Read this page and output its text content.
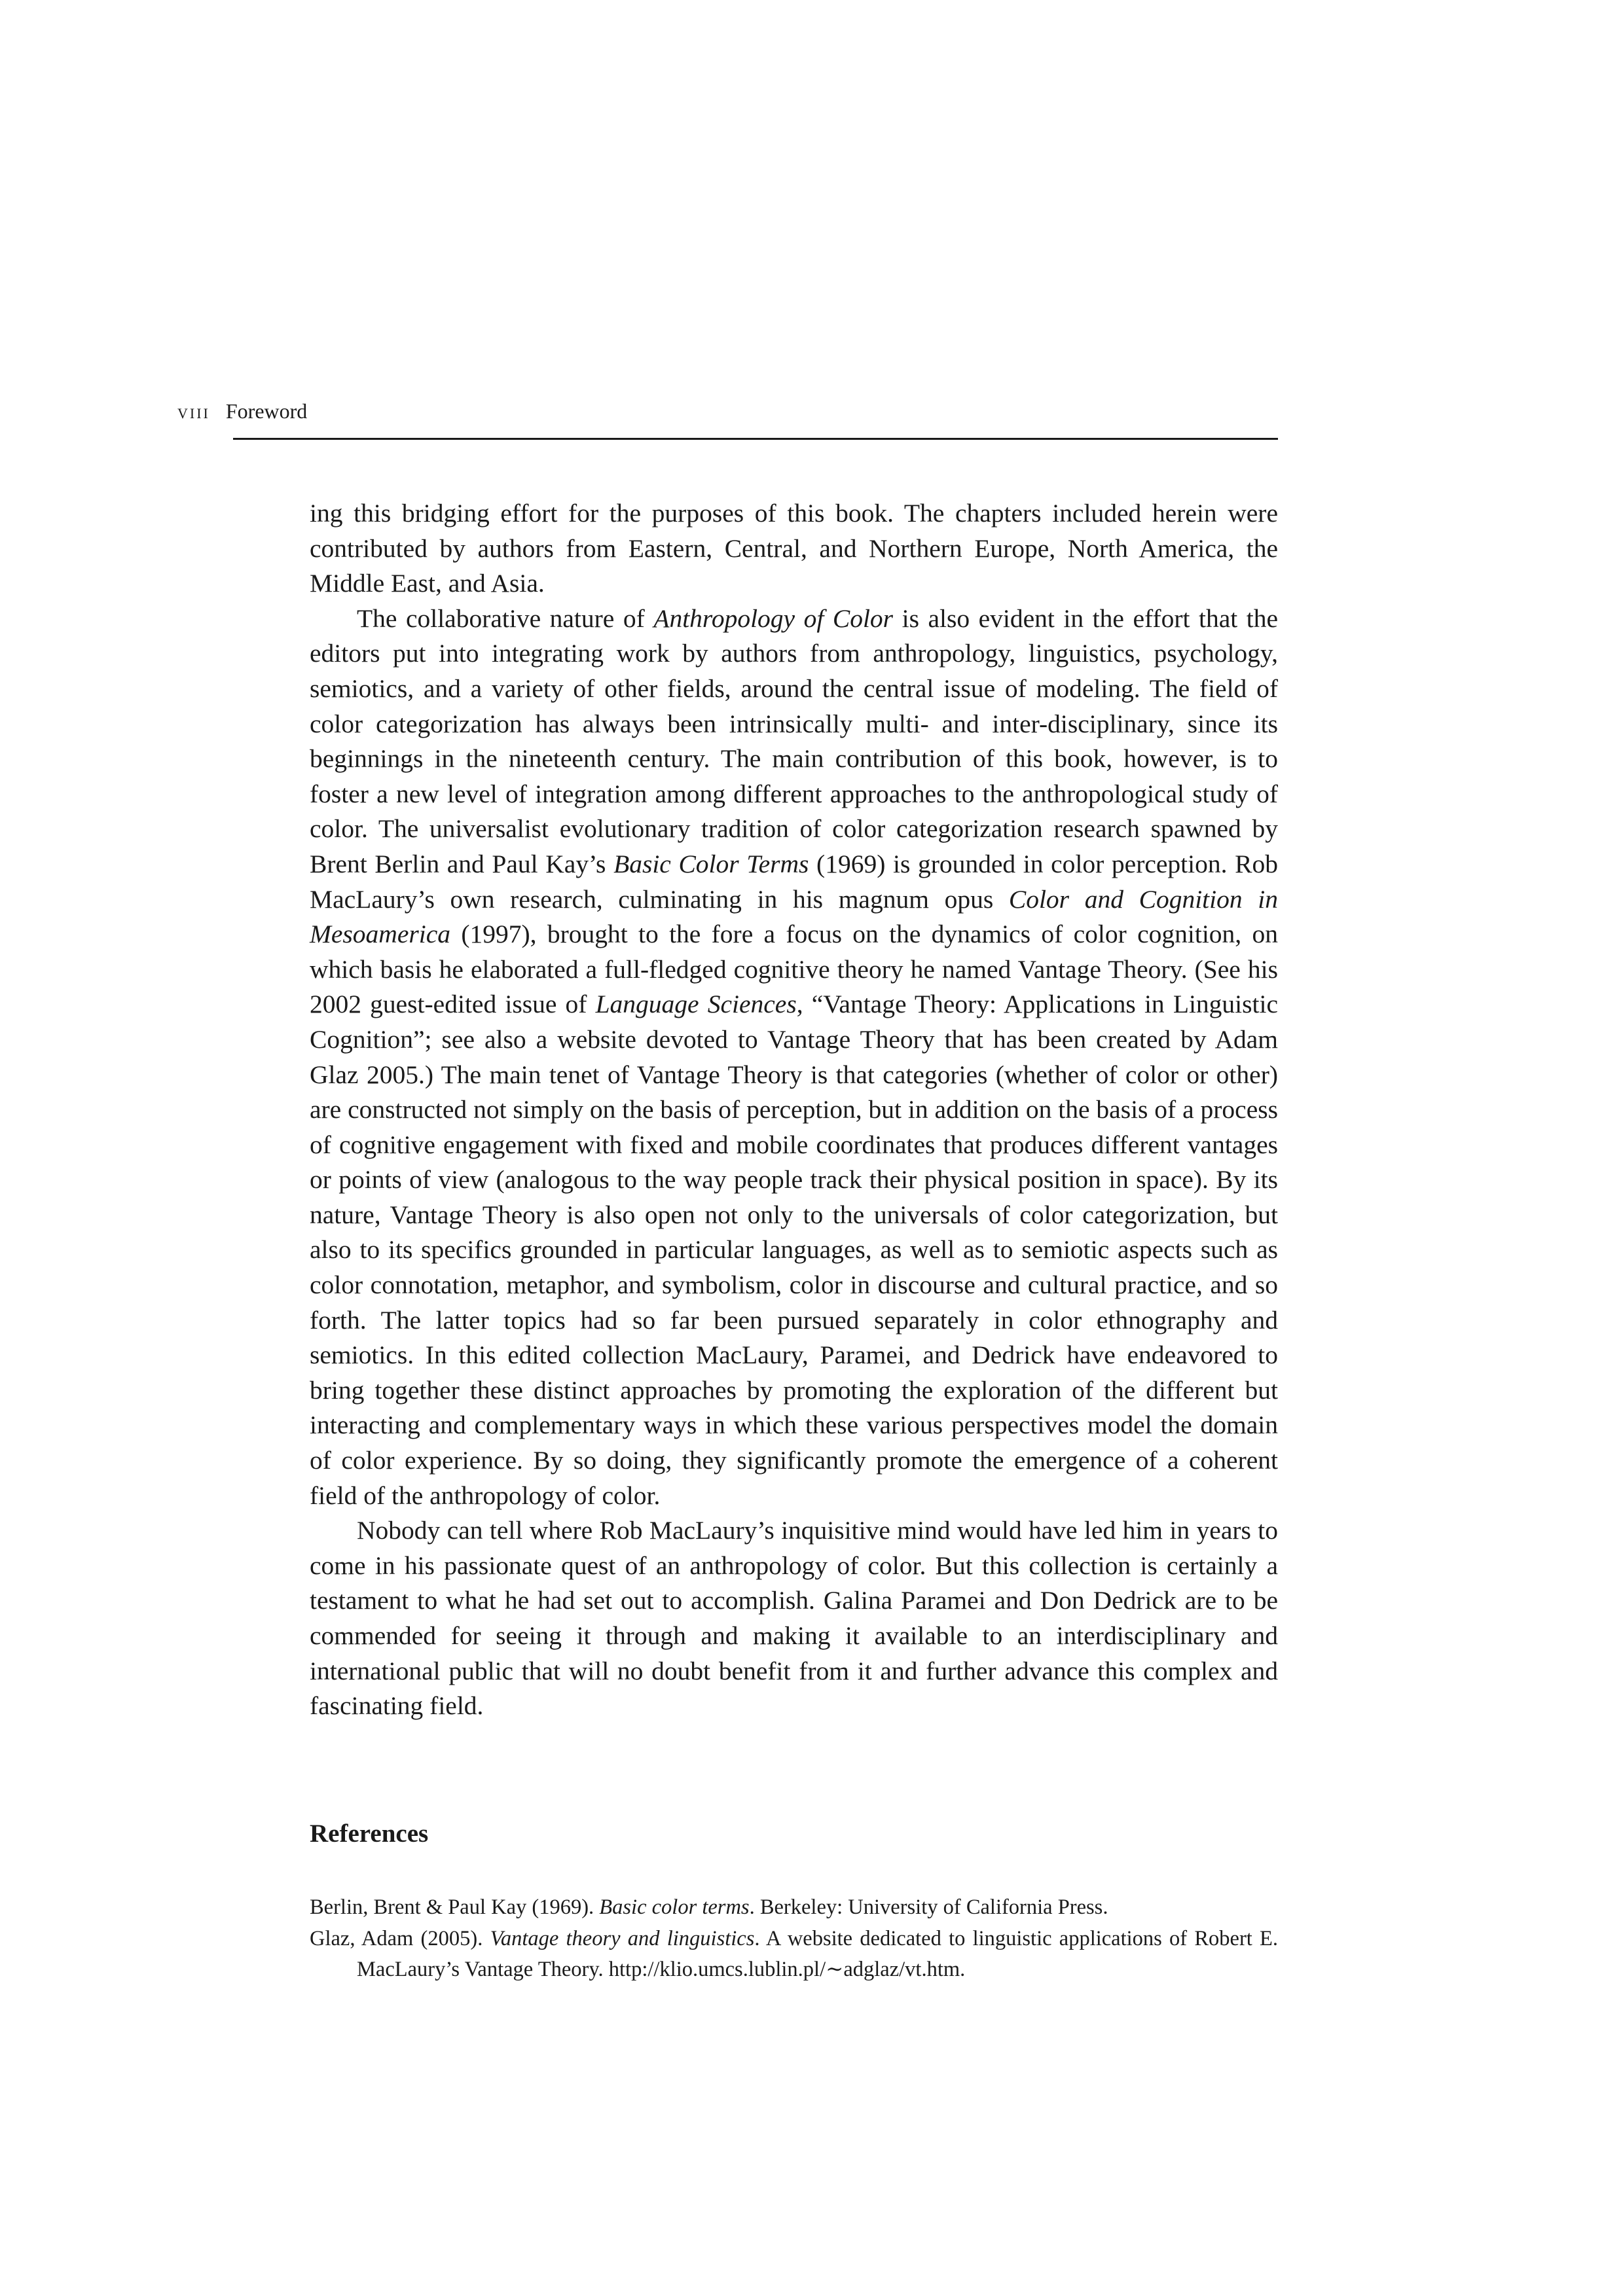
viii Foreword

ing this bridging effort for the purposes of this book. The chapters included herein were contributed by authors from Eastern, Central, and Northern Europe, North America, the Middle East, and Asia.

The collaborative nature of Anthropology of Color is also evident in the effort that the editors put into integrating work by authors from anthropology, linguistics, psychology, semiotics, and a variety of other fields, around the central issue of modeling. The field of color categorization has always been intrinsically multi- and inter-disciplinary, since its beginnings in the nineteenth century. The main contribution of this book, however, is to foster a new level of integration among different approaches to the anthropological study of color. The universalist evolutionary tradition of color categorization research spawned by Brent Berlin and Paul Kay’s Basic Color Terms (1969) is grounded in color perception. Rob MacLaury’s own research, culminating in his magnum opus Color and Cognition in Mesoamerica (1997), brought to the fore a focus on the dynamics of color cognition, on which basis he elaborated a full-fledged cognitive theory he named Vantage Theory. (See his 2002 guest-edited issue of Language Sciences, “Vantage Theory: Applications in Linguistic Cognition”; see also a website devoted to Vantage Theory that has been created by Adam Glaz 2005.) The main tenet of Vantage Theory is that categories (whether of color or other) are constructed not simply on the basis of perception, but in addition on the basis of a process of cognitive engagement with fixed and mobile coordinates that produces different vantages or points of view (analogous to the way people track their physical position in space). By its nature, Vantage Theory is also open not only to the universals of color categorization, but also to its specifics grounded in particular languages, as well as to semiotic aspects such as color connotation, metaphor, and symbolism, color in discourse and cultural practice, and so forth. The latter topics had so far been pursued separately in color ethnography and semiotics. In this edited collection MacLaury, Paramei, and Dedrick have endeavored to bring together these distinct approaches by promoting the exploration of the different but interacting and complementary ways in which these various perspectives model the domain of color experience. By so doing, they significantly promote the emergence of a coherent field of the anthropology of color.

Nobody can tell where Rob MacLaury’s inquisitive mind would have led him in years to come in his passionate quest of an anthropology of color. But this collection is certainly a testament to what he had set out to accomplish. Galina Paramei and Don Dedrick are to be commended for seeing it through and making it available to an interdisciplinary and international public that will no doubt benefit from it and further advance this complex and fascinating field.

References

Berlin, Brent & Paul Kay (1969). Basic color terms. Berkeley: University of California Press.

Glaz, Adam (2005). Vantage theory and linguistics. A website dedicated to linguistic applications of Robert E. MacLaury’s Vantage Theory. http://klio.umcs.lublin.pl/∼adglaz/vt.htm.
